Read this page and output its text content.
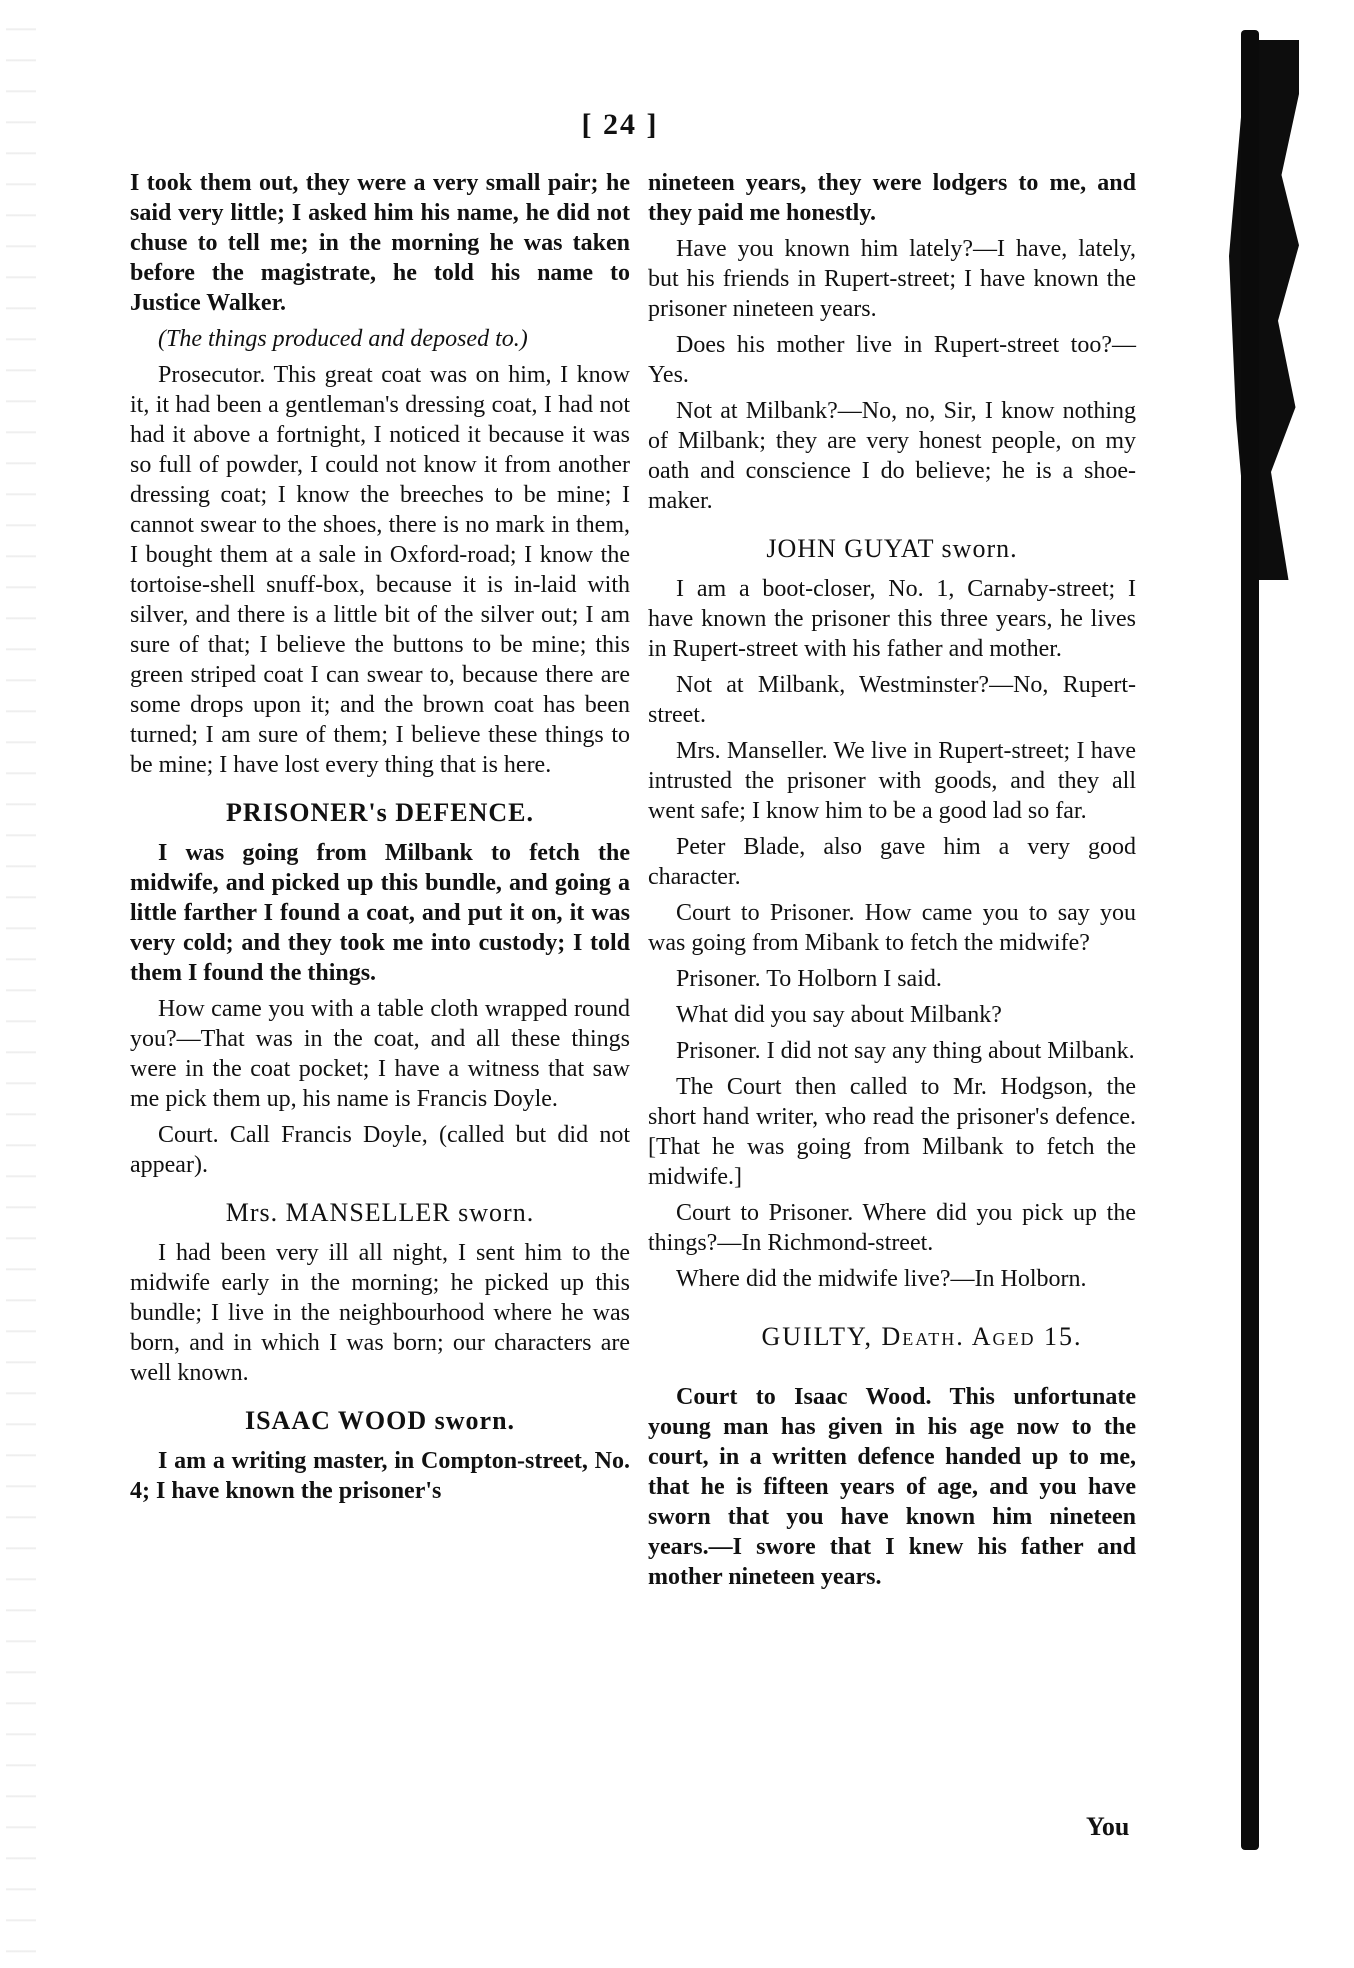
[ 24 ]

I took them out, they were a very small pair; he said very little; I asked him his name, he did not chuse to tell me; in the morning he was taken before the magistrate, he told his name to Justice Walker.

(The things produced and deposed to.)

Prosecutor. This great coat was on him, I know it, it had been a gentleman's dressing coat, I had not had it above a fortnight, I noticed it because it was so full of powder, I could not know it from another dressing coat; I know the breeches to be mine; I cannot swear to the shoes, there is no mark in them, I bought them at a sale in Oxford-road; I know the tortoise-shell snuff-box, because it is in-laid with silver, and there is a little bit of the silver out; I am sure of that; I believe the buttons to be mine; this green striped coat I can swear to, because there are some drops upon it; and the brown coat has been turned; I am sure of them; I believe these things to be mine; I have lost every thing that is here.

PRISONER's DEFENCE.

I was going from Milbank to fetch the midwife, and picked up this bundle, and going a little farther I found a coat, and put it on, it was very cold; and they took me into custody; I told them I found the things.

How came you with a table cloth wrapped round you?—That was in the coat, and all these things were in the coat pocket; I have a witness that saw me pick them up, his name is Francis Doyle.

Court. Call Francis Doyle, (called but did not appear).

Mrs. MANSELLER sworn.

I had been very ill all night, I sent him to the midwife early in the morning; he picked up this bundle; I live in the neighbourhood where he was born, and in which I was born; our characters are well known.

ISAAC WOOD sworn.

I am a writing master, in Compton-street, No. 4; I have known the prisoner's

nineteen years, they were lodgers to me, and they paid me honestly.

Have you known him lately?—I have, lately, but his friends in Rupert-street; I have known the prisoner nineteen years.

Does his mother live in Rupert-street too?—Yes.

Not at Milbank?—No, no, Sir, I know nothing of Milbank; they are very honest people, on my oath and conscience I do believe; he is a shoe-maker.

JOHN GUYAT sworn.

I am a boot-closer, No. 1, Carnaby-street; I have known the prisoner this three years, he lives in Rupert-street with his father and mother.

Not at Milbank, Westminster?—No, Rupert-street.

Mrs. Manseller. We live in Rupert-street; I have intrusted the prisoner with goods, and they all went safe; I know him to be a good lad so far.

Peter Blade, also gave him a very good character.

Court to Prisoner. How came you to say you was going from Mibank to fetch the midwife?

Prisoner. To Holborn I said.

What did you say about Milbank?

Prisoner. I did not say any thing about Milbank.

The Court then called to Mr. Hodgson, the short hand writer, who read the prisoner's defence. [That he was going from Milbank to fetch the midwife.]

Court to Prisoner. Where did you pick up the things?—In Richmond-street.

Where did the midwife live?—In Holborn.

GUILTY, Death. Aged 15.

Court to Isaac Wood. This unfortunate young man has given in his age now to the court, in a written defence handed up to me, that he is fifteen years of age, and you have sworn that you have known him nineteen years.—I swore that I knew his father and mother nineteen years.

You
